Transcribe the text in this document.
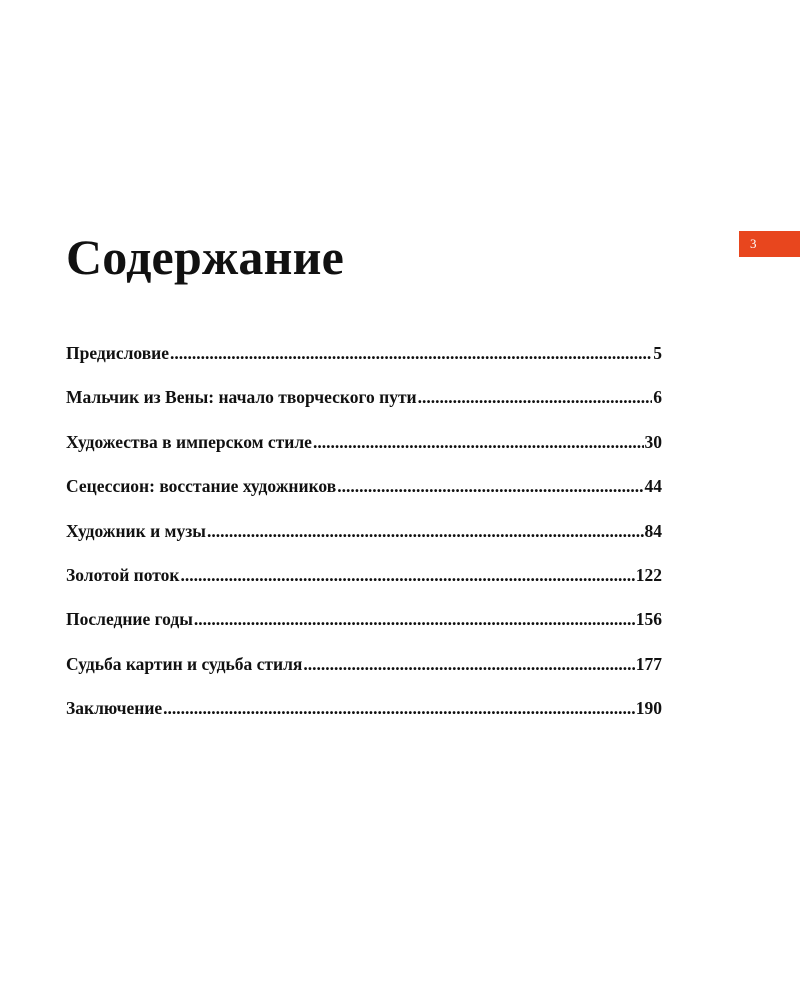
3
Содержание
Предисловие .....	5
Мальчик из Вены: начало творческого пути .....	6
Художества в имперском стиле .....	30
Сецессион: восстание художников .....	44
Художник и музы .....	84
Золотой поток .....	122
Последние годы .....	156
Судьба картин и судьба стиля .....	177
Заключение .....	190
